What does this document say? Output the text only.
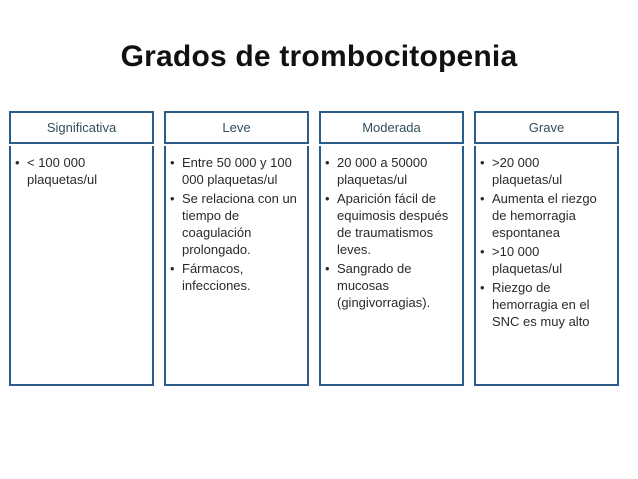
Grados de trombocitopenia
Significativa
• < 100 000 plaquetas/ul
Leve
• Entre 50 000 y 100 000 plaquetas/ul
• Se relaciona con un tiempo de coagulación prolongado.
• Fármacos, infecciones.
Moderada
• 20 000 a 50000 plaquetas/ul
• Aparición fácil de equimosis después de traumatismos leves.
• Sangrado de mucosas (gingivorragias).
Grave
• >20 000 plaquetas/ul
• Aumenta el riezgo de hemorragia espontanea
• >10 000 plaquetas/ul
• Riezgo de hemorragia en el SNC es muy alto
